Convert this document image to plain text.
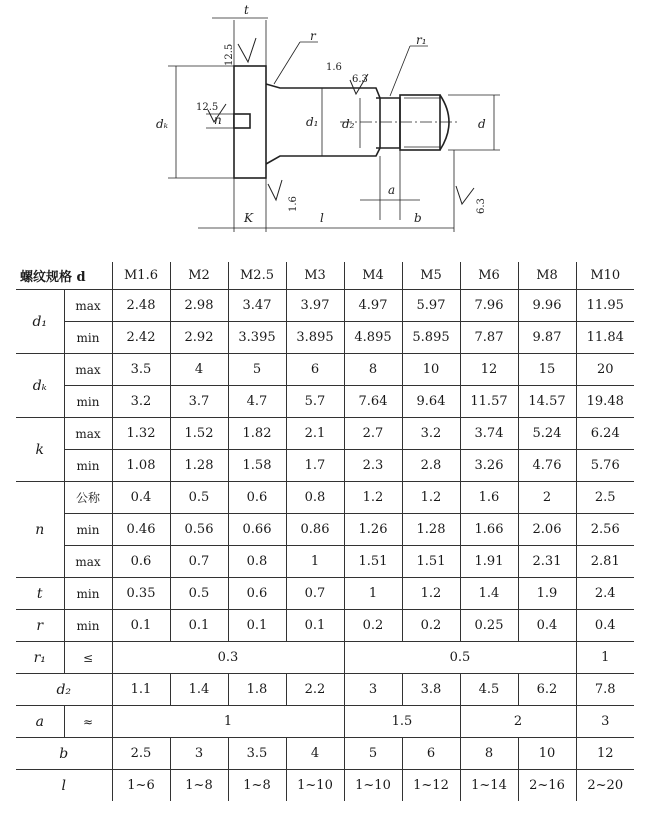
t
r	r₁
dₖ	d₁ d₂	d
n
a
K	l	b
12.5
12.5
1.6
6.3
1.6	6.3
螺纹规格 d		M1.6	M2	M2.5	M3	M4	M5	M6	M8	M10
d₁	max	2.48	2.98	3.47	3.97	4.97	5.97	7.96	9.96	11.95
	min	2.42	2.92	3.395	3.895	4.895	5.895	7.87	9.87	11.84
dₖ	max	3.5	4	5	6	8	10	12	15	20
	min	3.2	3.7	4.7	5.7	7.64	9.64	11.57	14.57	19.48
k	max	1.32	1.52	1.82	2.1	2.7	3.2	3.74	5.24	6.24
	min	1.08	1.28	1.58	1.7	2.3	2.8	3.26	4.76	5.76
n	公称	0.4	0.5	0.6	0.8	1.2	1.2	1.6	2	2.5
	min	0.46	0.56	0.66	0.86	1.26	1.28	1.66	2.06	2.56
	max	0.6	0.7	0.8	1	1.51	1.51	1.91	2.31	2.81
t	min	0.35	0.5	0.6	0.7	1	1.2	1.4	1.9	2.4
r	min	0.1	0.1	0.1	0.1	0.2	0.2	0.25	0.4	0.4
r₁	≤	0.3				0.5				1
d₂		1.1	1.4	1.8	2.2	3	3.8	4.5	6.2	7.8
a	≈	1				1.5		2		3
b		2.5	3	3.5	4	5	6	8	10	12
l		1~6	1~8	1~8	1~10	1~10	1~12	1~14	2~16	2~20
